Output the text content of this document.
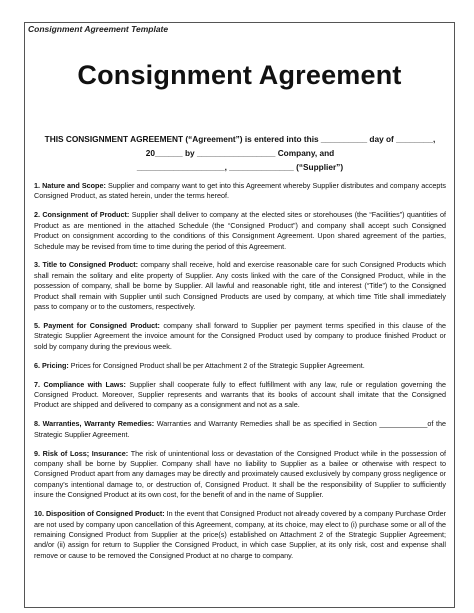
Consignment Agreement Template
Consignment Agreement
THIS CONSIGNMENT AGREEMENT (“Agreement”) is entered into this __________ day of ________,
20______ by _________________ Company, and
___________________, ______________ (“Supplier”)

1. Nature and Scope: Supplier and company want to get into this Agreement whereby Supplier distributes and company accepts Consigned Product, as stated herein, under the terms hereof.

2. Consignment of Product: Supplier shall deliver to company at the elected sites or storehouses (the “Facilities”) quantities of Product as are mentioned in the attached Schedule (the “Consigned Product”) and company shall accept such Consigned Product on consignment according to the conditions of this Consignment Agreement. Upon shared agreement of the parties, Schedule may be revised from time to time during the period of this Agreement.

3. Title to Consigned Product: company shall receive, hold and exercise reasonable care for such Consigned Products which shall remain the solitary and elite property of Supplier. Any costs linked with the care of the Consigned Product, while in the possession of company, shall be borne by Supplier. All lawful and reasonable right, title and interest (“Title”) to the Consigned Product shall remain with Supplier until such Consigned Products are used by company, at which time Title shall immediately pass to company or to the customers, respectively.

5. Payment for Consigned Product: company shall forward to Supplier per payment terms specified in this clause of the Strategic Supplier Agreement the invoice amount for the Consigned Product used by company to produce finished Product or sold by company during the previous week.

6. Pricing: Prices for Consigned Product shall be per Attachment 2 of the Strategic Supplier Agreement.

7. Compliance with Laws: Supplier shall cooperate fully to effect fulfillment with any law, rule or regulation governing the Consigned Product. Moreover, Supplier represents and warrants that its books of account shall imitate that the Consigned Product are shipped and delivered to company as a consignment and not as a sale.

8. Warranties, Warranty Remedies: Warranties and Warranty Remedies shall be as specified in Section ____________of the Strategic Supplier Agreement.

9. Risk of Loss; Insurance: The risk of unintentional loss or devastation of the Consigned Product while in the possession of company shall be borne by Supplier. Company shall have no liability to Supplier as a bailee or otherwise with respect to Consigned Product apart from any damages may be directly and proximately caused exclusively by company gross negligence or company’s intentional damage to, or destruction of, Consigned Product. It shall be the responsibility of Supplier to sufficiently insure the Consigned Product at its own cost, for the benefit of and in the name of Supplier.

10. Disposition of Consigned Product: In the event that Consigned Product not already covered by a company Purchase Order are not used by company upon cancellation of this Agreement, company, at its choice, may elect to (i) purchase some or all of the remaining Consigned Product from Supplier at the price(s) established on Attachment 2 of the Strategic Supplier Agreement; and/or (ii) assign for return to Supplier the Consigned Product, in which case Supplier, at its only risk, cost and expense shall remove or cause to be removed the Consigned Product at no charge to company.
